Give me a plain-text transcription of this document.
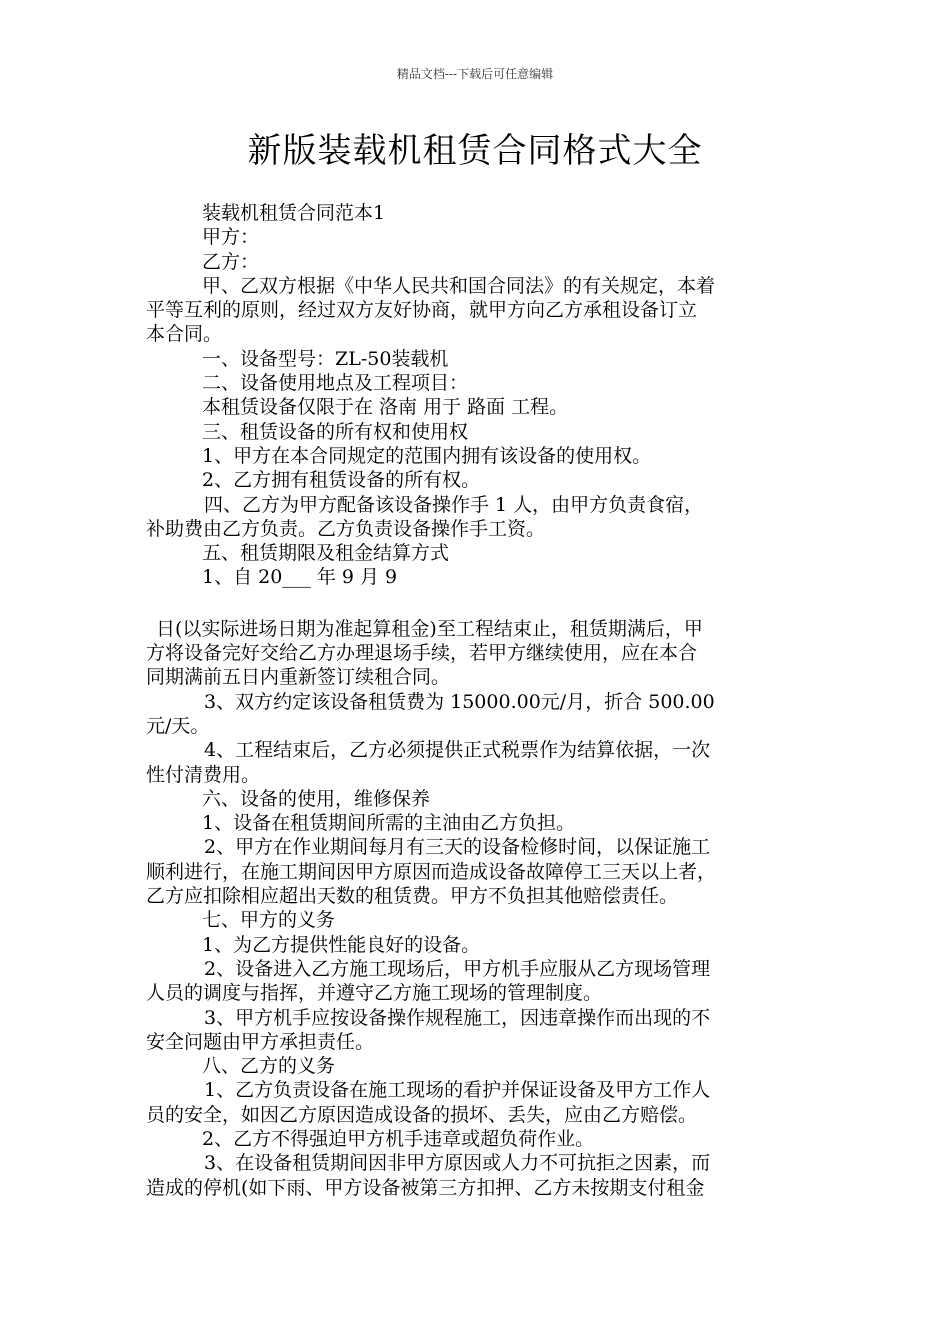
精品文档---下载后可任意编辑
新版装载机租赁合同格式大全
装载机租赁合同范本1
甲方：
乙方：
甲、乙双方根据《中华人民共和国合同法》的有关规定，本着
平等互利的原则，经过双方友好协商，就甲方向乙方承租设备订立
本合同。
一、设备型号：ZL-50装载机
二、设备使用地点及工程项目：
本租赁设备仅限于在 洛南 用于 路面 工程。
三、租赁设备的所有权和使用权
1、甲方在本合同规定的范围内拥有该设备的使用权。
2、乙方拥有租赁设备的所有权。
四、乙方为甲方配备该设备操作手 1 人，由甲方负责食宿，
补助费由乙方负责。乙方负责设备操作手工资。
五、租赁期限及租金结算方式
1、自 20___ 年 9 月 9
日(以实际进场日期为准起算租金)至工程结束止，租赁期满后，甲
方将设备完好交给乙方办理退场手续，若甲方继续使用，应在本合
同期满前五日内重新签订续租合同。
3、双方约定该设备租赁费为 15000.00元/月，折合 500.00
元/天。
4、工程结束后，乙方必须提供正式税票作为结算依据，一次
性付清费用。
六、设备的使用，维修保养
1、设备在租赁期间所需的主油由乙方负担。
2、甲方在作业期间每月有三天的设备检修时间，以保证施工
顺利进行，在施工期间因甲方原因而造成设备故障停工三天以上者，
乙方应扣除相应超出天数的租赁费。甲方不负担其他赔偿责任。
七、甲方的义务
1、为乙方提供性能良好的设备。
2、设备进入乙方施工现场后，甲方机手应服从乙方现场管理
人员的调度与指挥，并遵守乙方施工现场的管理制度。
3、甲方机手应按设备操作规程施工，因违章操作而出现的不
安全问题由甲方承担责任。
八、乙方的义务
1、乙方负责设备在施工现场的看护并保证设备及甲方工作人
员的安全，如因乙方原因造成设备的损坏、丢失，应由乙方赔偿。
2、乙方不得强迫甲方机手违章或超负荷作业。
3、在设备租赁期间因非甲方原因或人力不可抗拒之因素，而
造成的停机(如下雨、甲方设备被第三方扣押、乙方未按期支付租金
